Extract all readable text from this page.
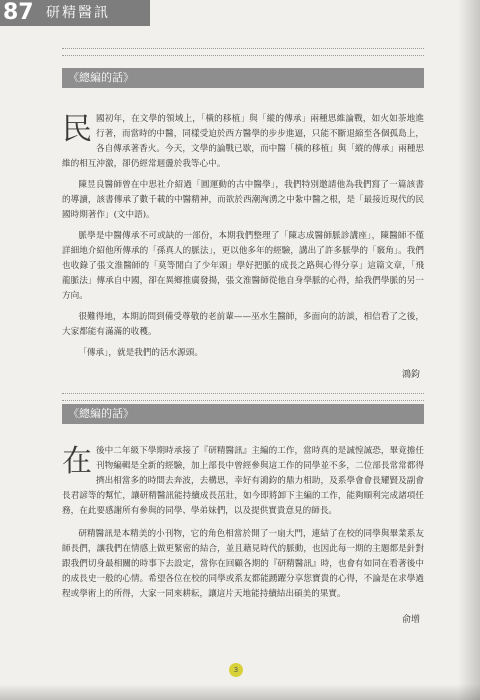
87 研精醫訊
《總編的話》

民國初年，在文學的領域上，「橫的移植」與「縱的傳承」兩種思維論戰，如火如荼地進行著，而當時的中醫，同樣受迫於西方醫學的步步進逼，只能不斷退縮至各個孤島上，各自傳承著香火。今天，文學的論戰已歇，而中醫「橫的移植」與「縱的傳承」兩種思維的相互沖激，卻仍經常迴盪於我等心中。

陳昱良醫師曾在中思社介紹過「圓運動的古中醫學」，我們特別邀請他為我們寫了一篇該書的導讀，該書傳承了數千載的中醫精神，而欲於西潮洶湧之中紮中醫之根，是「最接近現代的民國時期著作」(文中語)。

脈學是中醫傳承不可或缺的一部份，本期我們整理了「陳志成醫師脈診講座」，陳醫師不僅詳細地介紹他所傳承的「孫真人的脈法」，更以他多年的經驗，講出了許多脈學的「竅角」。我們也收錄了張文淮醫師的「莫等閒白了少年頭」學好把脈的成長之路與心得分享」這篇文章，「飛龍脈法」傳承自中國，卻在異鄉推廣發揚，張文淮醫師從他自身學脈的心得，給我們學脈的另一方向。

很難得地，本期訪問到備受尊敬的老前輩——巫水生醫師，多面向的訪談，相信看了之後，大家都能有滿滿的收穫。

「傳承」，就是我們的活水源頭。

鴻鈞
《總編的話》

在後中二年級下學期時承接了『研精醫訊』主編的工作，當時真的是誠惶誠恐，畢竟擔任刊物編輯是全新的經驗，加上部長中曾經參與這工作的同學並不多，二位部長常常都得擠出相當多的時間去奔波，去構思，幸好有鴻鈞的鼎力相助，及系學會會長耀賢及副會長君諺等的幫忙，讓研精醫訊能持續成長茁壯，如今即將卸下主編的工作，能夠順利完成諸項任務，在此要感謝所有參與的同學、學弟妹們，以及提供實貴意見的師長。

研精醫訊是本精美的小刊物，它的角色相當於開了一扇大門，連結了在校的同學與畢業系友師長們，讓我們在情感上做更緊密的結合，並且藉見時代的脈動，也因此每一期的主題都是針對跟我們切身最相關的時事下去設定，當你在回顧各期的『研精醫訊』時，也會有如同在看著後中的成長史一般的心情。希望各位在校的同學或系友都能踴躍分享您寶貴的心得，不論是在求學過程或學術上的所得，大家一同來耕耘，讓這片天地能持續結出碩美的果實。

俞增
3
